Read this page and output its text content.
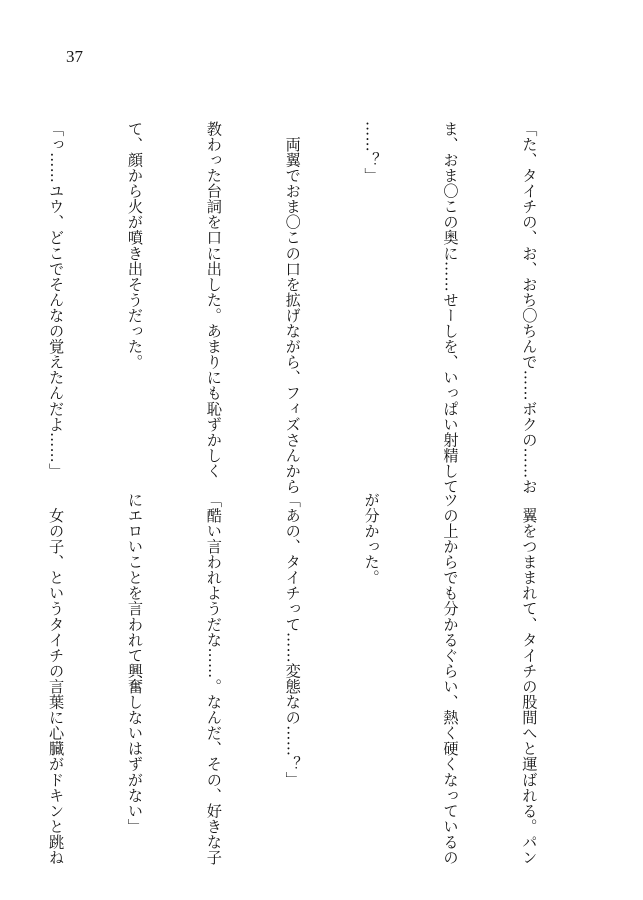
37

「た、タイチの、お、おち〇ちんで……ボクの……お

ま、おま〇この奥に……せーしを、いっぱい射精して

……？」

　両翼でおま〇この口を拡げながら、フィズさんから

教わった台詞を口に出した。あまりにも恥ずかしく

て、顔から火が噴き出そうだった。

「っ……ユウ、どこでそんなの覚えたんだよ……」

　翼をつままれて、タイチの股間へと運ばれる。パン

ツの上からでも分かるぐらい、熱く硬くなっているの

が分かった。

「あの、タイチって……変態なの……？」

「酷い言われようだな……。なんだ、その、好きな子

にエロいことを言われて興奮しないはずがない」

　女の子、というタイチの言葉に心臓がドキンと跳ね
